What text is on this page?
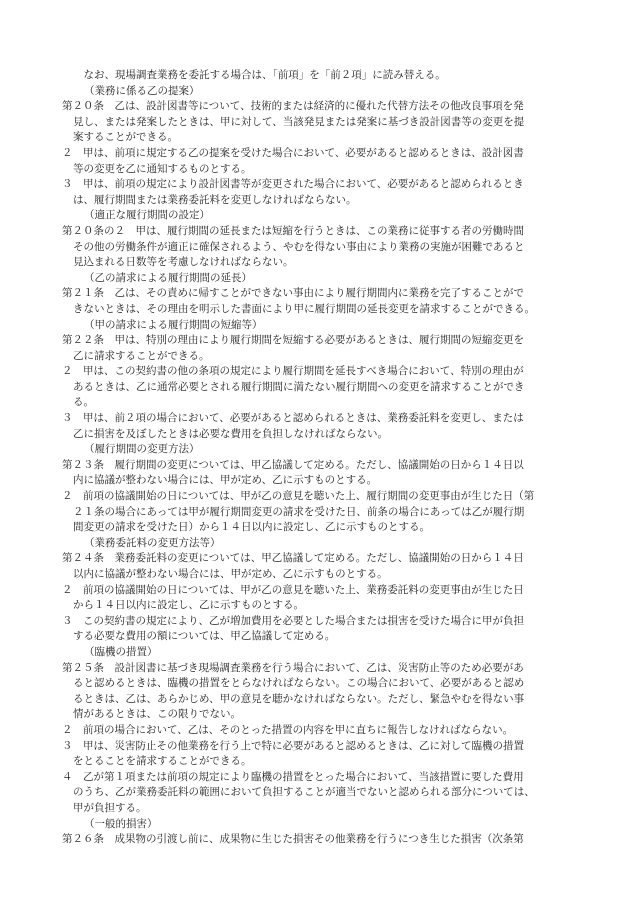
　なお、現場調査業務を委託する場合は、「前項」を「前２項」に読み替える。
（業務に係る乙の提案）
第２０条　乙は、設計図書等について、技術的または経済的に優れた代替方法その他改良事項を発
見し、または発案したときは、甲に対して、当該発見または発案に基づき設計図書等の変更を提
案することができる。
２　甲は、前項に規定する乙の提案を受けた場合において、必要があると認めるときは、設計図書
等の変更を乙に通知するものとする。
３　甲は、前項の規定により設計図書等が変更された場合において、必要があると認められるとき
は、履行期間または業務委託料を変更しなければならない。
（適正な履行期間の設定）
第２０条の２　甲は、履行期間の延長または短縮を行うときは、この業務に従事する者の労働時間
その他の労働条件が適正に確保されるよう、やむを得ない事由により業務の実施が困難であると
見込まれる日数等を考慮しなければならない。
（乙の請求による履行期間の延長）
第２１条　乙は、その責めに帰すことができない事由により履行期間内に業務を完了することがで
きないときは、その理由を明示した書面により甲に履行期間の延長変更を請求することができる。
（甲の請求による履行期間の短縮等）
第２２条　甲は、特別の理由により履行期間を短縮する必要があるときは、履行期間の短縮変更を
乙に請求することができる。
２　甲は、この契約書の他の条項の規定により履行期間を延長すべき場合において、特別の理由が
あるときは、乙に通常必要とされる履行期間に満たない履行期間への変更を請求することができ
る。
３　甲は、前２項の場合において、必要があると認められるときは、業務委託料を変更し、または
乙に損害を及ぼしたときは必要な費用を負担しなければならない。
（履行期間の変更方法）
第２３条　履行期間の変更については、甲乙協議して定める。ただし、協議開始の日から１４日以
内に協議が整わない場合には、甲が定め、乙に示すものとする。
２　前項の協議開始の日については、甲が乙の意見を聴いた上、履行期間の変更事由が生じた日（第
２１条の場合にあっては甲が履行期間変更の請求を受けた日、前条の場合にあっては乙が履行期
間変更の請求を受けた日）から１４日以内に設定し、乙に示すものとする。
（業務委託料の変更方法等）
第２４条　業務委託料の変更については、甲乙協議して定める。ただし、協議開始の日から１４日
以内に協議が整わない場合には、甲が定め、乙に示すものとする。
２　前項の協議開始の日については、甲が乙の意見を聴いた上、業務委託料の変更事由が生じた日
から１４日以内に設定し、乙に示すものとする。
３　この契約書の規定により、乙が増加費用を必要とした場合または損害を受けた場合に甲が負担
する必要な費用の額については、甲乙協議して定める。
（臨機の措置）
第２５条　設計図書に基づき現場調査業務を行う場合において、乙は、災害防止等のため必要があ
ると認めるときは、臨機の措置をとらなければならない。この場合において、必要があると認め
るときは、乙は、あらかじめ、甲の意見を聴かなければならない。ただし、緊急やむを得ない事
情があるときは、この限りでない。
２　前項の場合において、乙は、そのとった措置の内容を甲に直ちに報告しなければならない。
３　甲は、災害防止その他業務を行う上で特に必要があると認めるときは、乙に対して臨機の措置
をとることを請求することができる。
４　乙が第１項または前項の規定により臨機の措置をとった場合において、当該措置に要した費用
のうち、乙が業務委託料の範囲において負担することが適当でないと認められる部分については、
甲が負担する。
（一般的損害）
第２６条　成果物の引渡し前に、成果物に生じた損害その他業務を行うにつき生じた損害（次条第
